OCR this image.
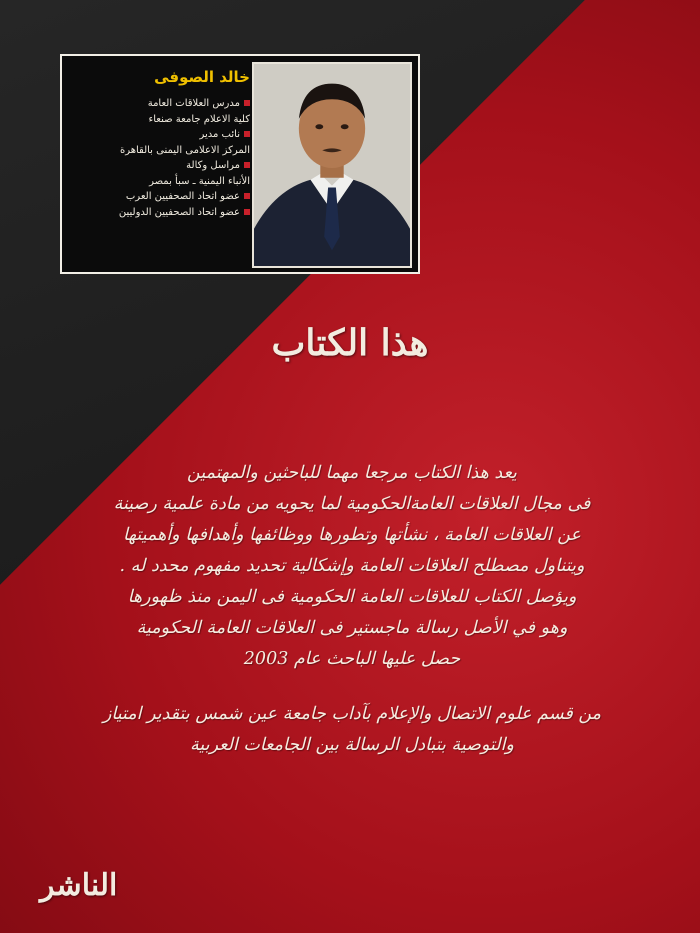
خالد الصوفى
مدرس العلاقات العامة
كلية الاعلام جامعة صنعاء
نائب مدير
المركز الاعلامى اليمنى بالقاهرة
مراسل وكالة
الأنباء اليمنية ـ سبأ بمصر
عضو اتحاد الصحفيين العرب
عضو اتحاد الصحفيين الدوليين
هذا الكتاب

يعد هذا الكتاب مرجعا مهما للباحثين والمهتمين

فى مجال العلاقات العامةالحكومية لما يحويه من مادة علمية رصينة

عن العلاقات العامة ، نشأتها وتطورها ووظائفها وأهدافها وأهميتها

ويتناول مصطلح العلاقات العامة وإشكالية تحديد مفهوم محدد له .

ويؤصل الكتاب للعلاقات العامة الحكومية فى اليمن منذ ظهورها

وهو في الأصل رسالة ماجستير فى العلاقات العامة الحكومية

حصل عليها الباحث عام 2003

من قسم علوم الاتصال والإعلام بآداب جامعة عين شمس بتقدير امتياز

والتوصية بتبادل الرسالة بين الجامعات العربية

الناشر
